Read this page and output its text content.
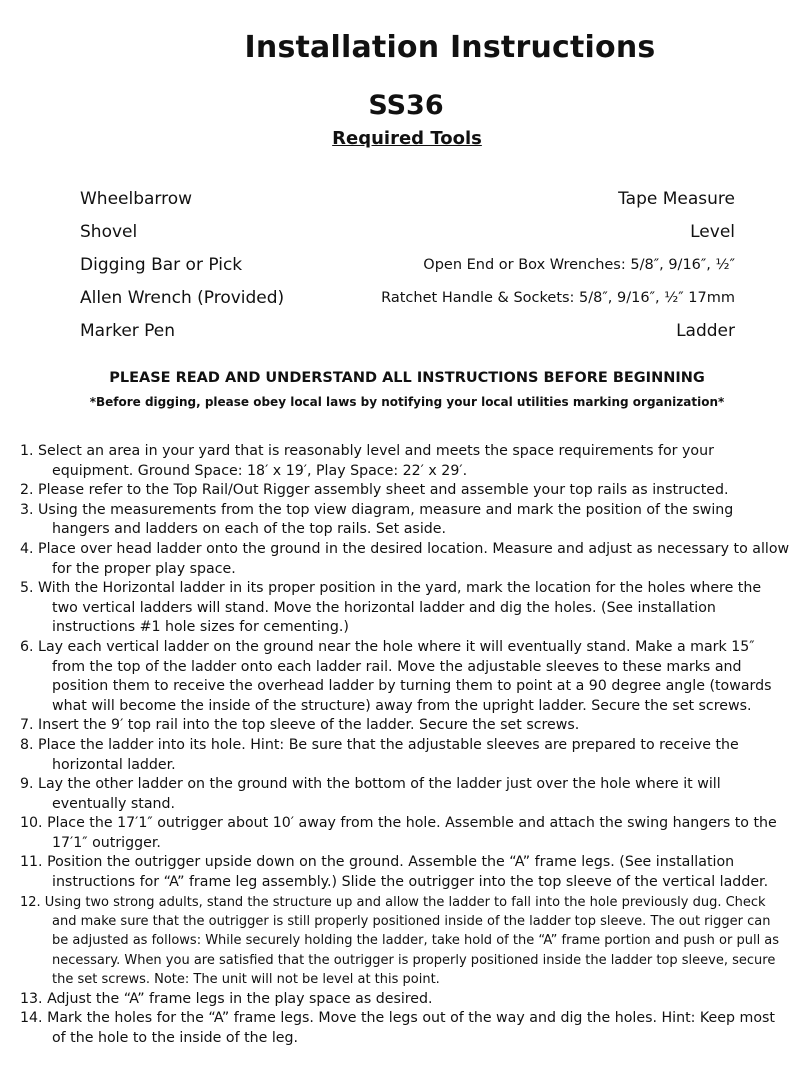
Installation Instructions
SS36
Required Tools
Wheelbarrow	Tape Measure
Shovel	Level
Digging Bar or Pick	Open End or Box Wrenches: 5/8″, 9/16″, ½″
Allen Wrench (Provided)	Ratchet Handle & Sockets: 5/8″, 9/16″, ½″ 17mm
Marker Pen	Ladder
PLEASE READ AND UNDERSTAND ALL INSTRUCTIONS BEFORE BEGINNING
*Before digging, please obey local laws by notifying your local utilities marking organization*
1. Select an area in your yard that is reasonably level and meets the space requirements for your equipment. Ground Space: 18′ x 19′, Play Space: 22′ x 29′.
2. Please refer to the Top Rail/Out Rigger assembly sheet and assemble your top rails as instructed.
3. Using the measurements from the top view diagram, measure and mark the position of the swing hangers and ladders on each of the top rails. Set aside.
4. Place over head ladder onto the ground in the desired location. Measure and adjust as necessary to allow for the proper play space.
5. With the Horizontal ladder in its proper position in the yard, mark the location for the holes where the two vertical ladders will stand. Move the horizontal ladder and dig the holes. (See installation instructions #1 hole sizes for cementing.)
6. Lay each vertical ladder on the ground near the hole where it will eventually stand. Make a mark 15″ from the top of the ladder onto each ladder rail. Move the adjustable sleeves to these marks and position them to receive the overhead ladder by turning them to point at a 90 degree angle (towards what will become the inside of the structure) away from the upright ladder. Secure the set screws.
7. Insert the 9′ top rail into the top sleeve of the ladder. Secure the set screws.
8. Place the ladder into its hole. Hint: Be sure that the adjustable sleeves are prepared to receive the horizontal ladder.
9. Lay the other ladder on the ground with the bottom of the ladder just over the hole where it will eventually stand.
10. Place the 17′1″ outrigger about 10′ away from the hole. Assemble and attach the swing hangers to the 17′1″ outrigger.
11. Position the outrigger upside down on the ground. Assemble the “A” frame legs. (See installation instructions for “A” frame leg assembly.) Slide the outrigger into the top sleeve of the vertical ladder.
12. Using two strong adults, stand the structure up and allow the ladder to fall into the hole previously dug. Check and make sure that the outrigger is still properly positioned inside of the ladder top sleeve. The out rigger can be adjusted as follows: While securely holding the ladder, take hold of the “A” frame portion and push or pull as necessary. When you are satisfied that the outrigger is properly positioned inside the ladder top sleeve, secure the set screws. Note: The unit will not be level at this point.
13. Adjust the “A” frame legs in the play space as desired.
14. Mark the holes for the “A” frame legs. Move the legs out of the way and dig the holes. Hint: Keep most of the hole to the inside of the leg.
